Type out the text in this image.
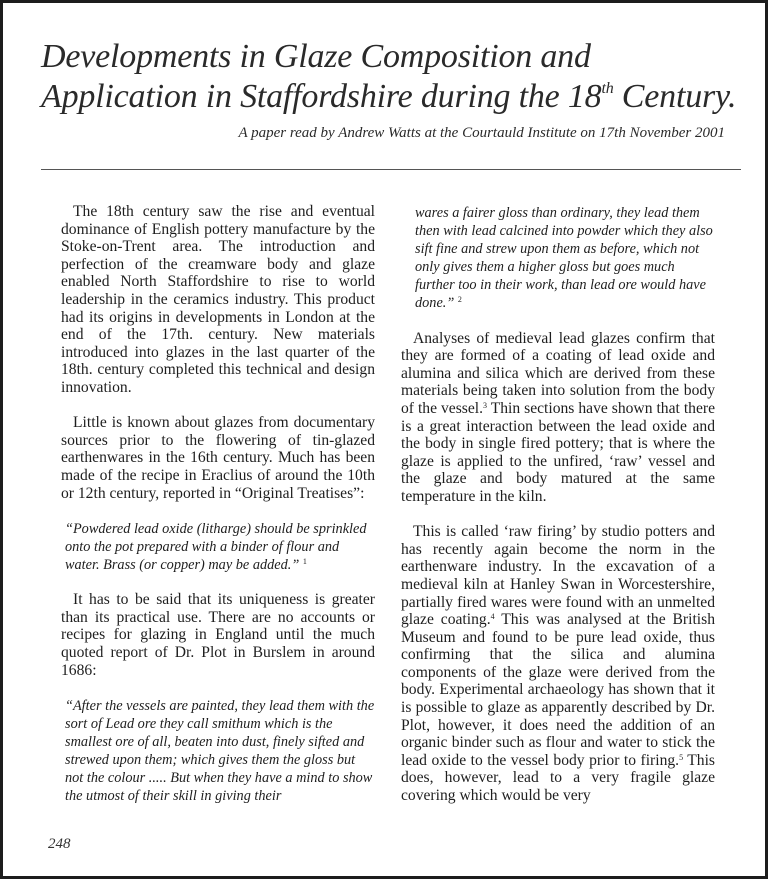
Developments in Glaze Composition and
Application in Staffordshire during the 18th Century.
A paper read by Andrew Watts at the Courtauld Institute on 17th November 2001

The 18th century saw the rise and eventual dominance of English pottery manufacture by the Stoke-on-Trent area. The introduction and perfection of the creamware body and glaze enabled North Staffordshire to rise to world leadership in the ceramics industry. This product had its origins in developments in London at the end of the 17th. century. New materials introduced into glazes in the last quarter of the 18th. century completed this technical and design innovation.

Little is known about glazes from documentary sources prior to the flowering of tin-glazed earthenwares in the 16th century. Much has been made of the recipe in Eraclius of around the 10th or 12th century, reported in “Original Treatises”:

“Powdered lead oxide (litharge) should be sprinkled onto the pot prepared with a binder of flour and water. Brass (or copper) may be added.” $^1$

It has to be said that its uniqueness is greater than its practical use. There are no accounts or recipes for glazing in England until the much quoted report of Dr. Plot in Burslem in around 1686:

“After the vessels are painted, they lead them with the sort of Lead ore they call smithum which is the smallest ore of all, beaten into dust, finely sifted and strewed upon them; which gives them the gloss but not the colour ..... But when they have a mind to show the utmost of their skill in giving their

wares a fairer gloss than ordinary, they lead them then with lead calcined into powder which they also sift fine and strew upon them as before, which not only gives them a higher gloss but goes much further too in their work, than lead ore would have done.” $^2$

Analyses of medieval lead glazes confirm that they are formed of a coating of lead oxide and alumina and silica which are derived from these materials being taken into solution from the body of the vessel.$^3$ Thin sections have shown that there is a great interaction between the lead oxide and the body in single fired pottery; that is where the glaze is applied to the unfired, ‘raw’ vessel and the glaze and body matured at the same temperature in the kiln.

This is called ‘raw firing’ by studio potters and has recently again become the norm in the earthenware industry. In the excavation of a medieval kiln at Hanley Swan in Worcestershire, partially fired wares were found with an unmelted glaze coating.$^4$ This was analysed at the British Museum and found to be pure lead oxide, thus confirming that the silica and alumina components of the glaze were derived from the body. Experimental archaeology has shown that it is possible to glaze as apparently described by Dr. Plot, however, it does need the addition of an organic binder such as flour and water to stick the lead oxide to the vessel body prior to firing.$^5$ This does, however, lead to a very fragile glaze covering which would be very

248
